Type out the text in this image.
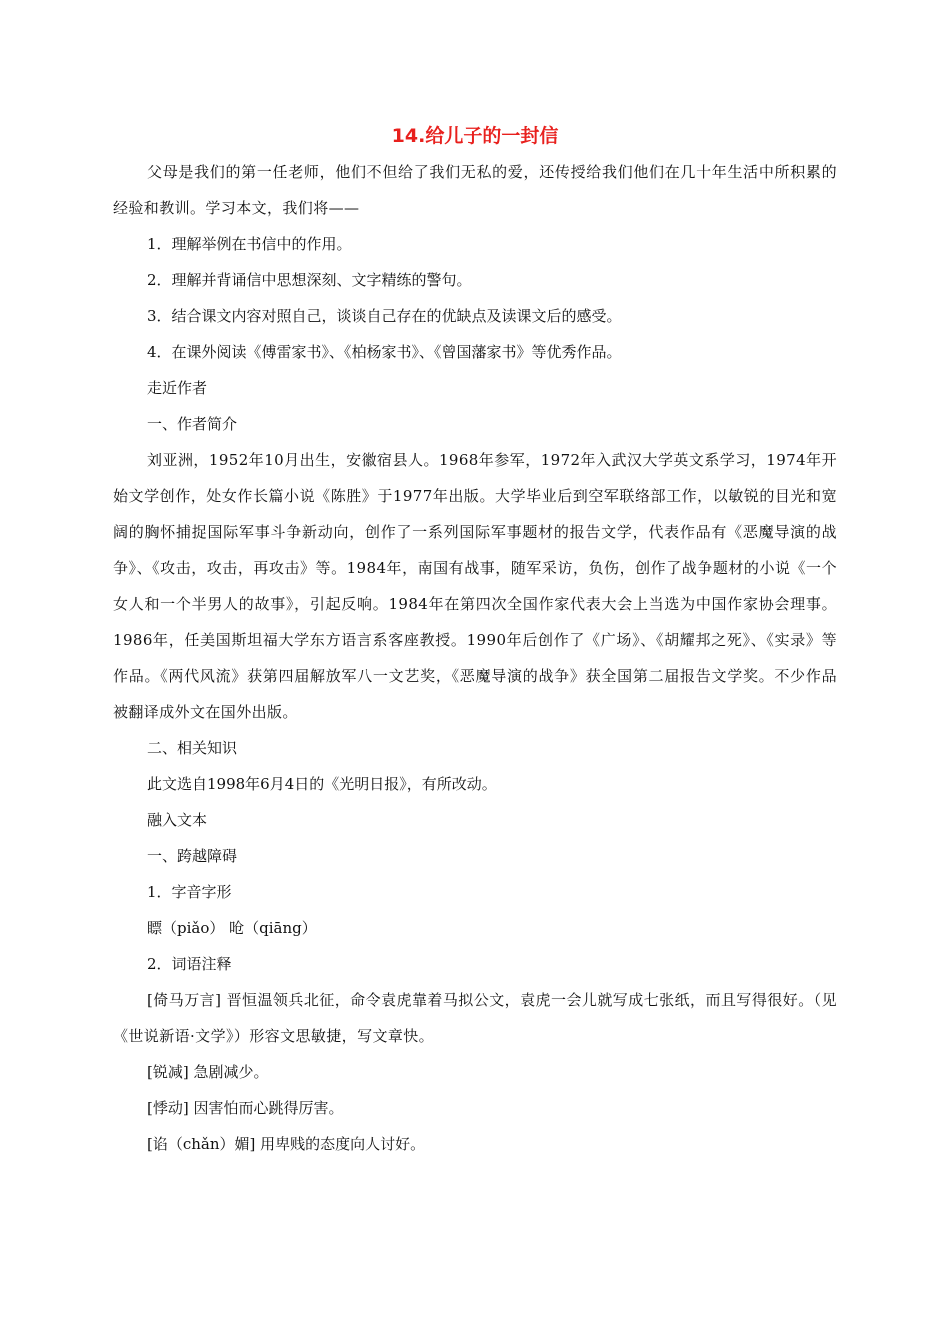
14.给儿子的一封信

父母是我们的第一任老师，他们不但给了我们无私的爱，还传授给我们他们在几十年生活中所积累的经验和教训。学习本文，我们将——

1．理解举例在书信中的作用。

2．理解并背诵信中思想深刻、文字精练的警句。

3．结合课文内容对照自己，谈谈自己存在的优缺点及读课文后的感受。

4．在课外阅读《傅雷家书》、《柏杨家书》、《曾国藩家书》等优秀作品。

走近作者

一、作者简介

刘亚洲，1952年10月出生，安徽宿县人。1968年参军，1972年入武汉大学英文系学习，1974年开始文学创作，处女作长篇小说《陈胜》于1977年出版。大学毕业后到空军联络部工作，以敏锐的目光和宽阔的胸怀捕捉国际军事斗争新动向，创作了一系列国际军事题材的报告文学，代表作品有《恶魔导演的战争》、《攻击，攻击，再攻击》等。1984年，南国有战事，随军采访，负伤，创作了战争题材的小说《一个女人和一个半男人的故事》，引起反响。1984年在第四次全国作家代表大会上当选为中国作家协会理事。1986年，任美国斯坦福大学东方语言系客座教授。1990年后创作了《广场》、《胡耀邦之死》、《实录》等作品。《两代风流》获第四届解放军八一文艺奖，《恶魔导演的战争》获全国第二届报告文学奖。不少作品被翻译成外文在国外出版。

二、相关知识

此文选自1998年6月4日的《光明日报》，有所改动。

融入文本

一、跨越障碍

1．字音字形

瞟（piǎo） 呛（qiāng）

2．词语注释

[倚马万言] 晋恒温领兵北征，命令袁虎靠着马拟公文，袁虎一会儿就写成七张纸，而且写得很好。（见《世说新语·文学》）形容文思敏捷，写文章快。

[锐减] 急剧减少。

[悸动] 因害怕而心跳得厉害。

[谄（chǎn）媚] 用卑贱的态度向人讨好。
